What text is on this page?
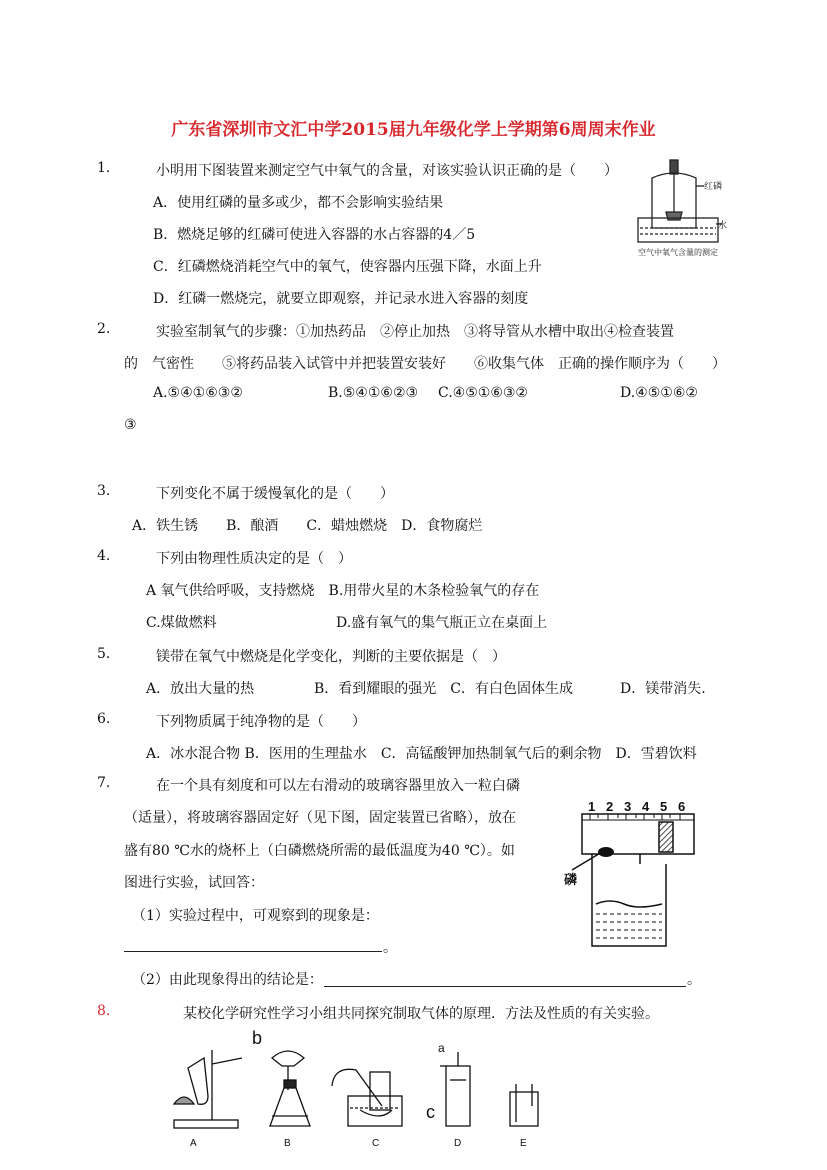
广东省深圳市文汇中学2015届九年级化学上学期第6周周末作业
1.	小明用下图装置来测定空气中氧气的含量，对该实验认识正确的是（　　）
A．使用红磷的量多或少，都不会影响实验结果
B．燃烧足够的红磷可使进入容器的水占容器的4／5
C．红磷燃烧消耗空气中的氧气，使容器内压强下降，水面上升
D．红磷一燃烧完，就要立即观察，并记录水进入容器的刻度
红磷
水
空气中氧气含量的测定
2.	实验室制氧气的步骤：①加热药品　②停止加热　③将导管从水槽中取出④检查装置
的　气密性　　⑤将药品装入试管中并把装置安装好　　⑥收集气体　正确的操作顺序为（　　）
A.⑤④①⑥③②	B.⑤④①⑥②③ C.④⑤①⑥③②	D.④⑤①⑥②
③
3.	下列变化不属于缓慢氧化的是（　　）
A．铁生锈　　B．酿酒　　C．蜡烛燃烧　D．食物腐烂
4.	下列由物理性质决定的是（　）
A 氧气供给呼吸，支持燃烧　B.用带火星的木条检验氧气的存在
C.煤做燃料	D.盛有氧气的集气瓶正立在桌面上
5.	镁带在氧气中燃烧是化学变化，判断的主要依据是（　）
A．放出大量的热	B．看到耀眼的强光　C．有白色固体生成	D．镁带消失.
6.	下列物质属于纯净物的是（　　）
A．冰水混合物 B．医用的生理盐水　C．高锰酸钾加热制氧气后的剩余物　D．雪碧饮料
7.	在一个具有刻度和可以左右滑动的玻璃容器里放入一粒白磷
（适量），将玻璃容器固定好（见下图，固定装置已省略），放在
盛有80 ℃水的烧杯上（白磷燃烧所需的最低温度为40 ℃）。如
图进行实验，试回答：
（1）实验过程中，可观察到的现象是：
。
（2）由此现象得出的结论是：	。
1 2 3 4 5 6
磷
8.	某校化学研究性学习小组共同探究制取气体的原理．方法及性质的有关实验。
b
c
a
A	B	C	D	E
